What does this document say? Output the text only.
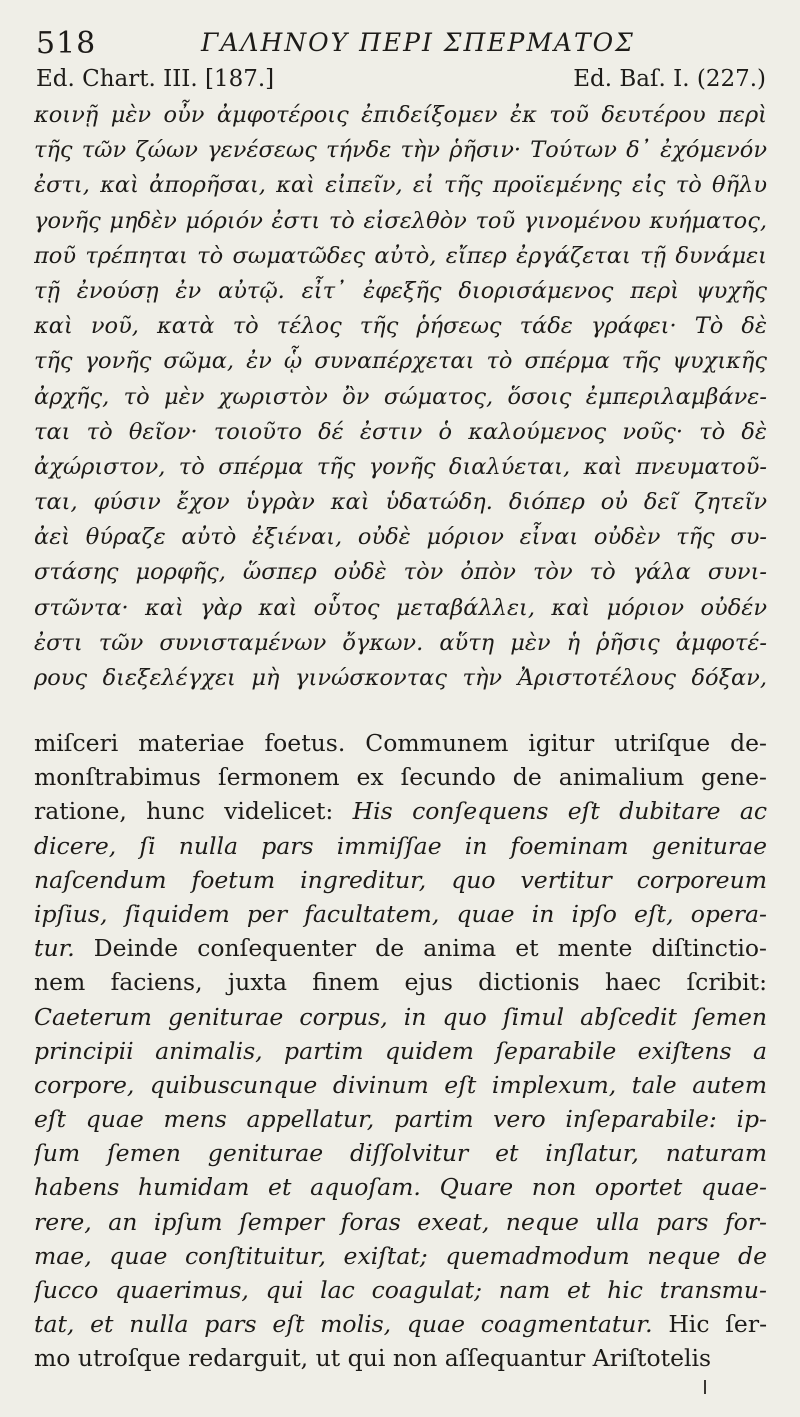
518	ΓΑΛΗΝΟΥ ΠΕΡΙ ΣΠΕΡΜΑΤΟΣ
Ed. Chart. III. [187.]	Ed. Baſ. I. (227.)
κοινῇ μὲν οὖν ἀμφοτέροις ἐπιδείξομεν ἐκ τοῦ δευτέρου περὶ
τῆς τῶν ζώων γενέσεως τήνδε τὴν ῥῆσιν· Τούτων δ᾽ ἐχόμενόν
ἐστι, καὶ ἀπορῆσαι, καὶ εἰπεῖν, εἰ τῆς προϊεμένης εἰς τὸ θῆλυ
γονῆς μηδὲν μόριόν ἐστι τὸ εἰσελθὸν τοῦ γινομένου κυήματος,
ποῦ τρέπηται τὸ σωματῶδες αὐτὸ, εἴπερ ἐργάζεται τῇ δυνάμει
τῇ ἐνούσῃ ἐν αὐτῷ. εἶτ᾽ ἐφεξῆς διορισάμενος περὶ ψυχῆς
καὶ νοῦ, κατὰ τὸ τέλος τῆς ῥήσεως τάδε γράφει· Τὸ δὲ
τῆς γονῆς σῶμα, ἐν ᾧ συναπέρχεται τὸ σπέρμα τῆς ψυχικῆς
ἀρχῆς, τὸ μὲν χωριστὸν ὂν σώματος, ὅσοις ἐμπεριλαμβάνε-
ται τὸ θεῖον· τοιοῦτο δέ ἐστιν ὁ καλούμενος νοῦς· τὸ δὲ
ἀχώριστον, τὸ σπέρμα τῆς γονῆς διαλύεται, καὶ πνευματοῦ-
ται, φύσιν ἔχον ὑγρὰν καὶ ὑδατώδη. διόπερ οὐ δεῖ ζητεῖν
ἀεὶ θύραζε αὐτὸ ἐξιέναι, οὐδὲ μόριον εἶναι οὐδὲν τῆς συ-
στάσης μορφῆς, ὥσπερ οὐδὲ τὸν ὀπὸν τὸν τὸ γάλα συνι-
στῶντα· καὶ γὰρ καὶ οὗτος μεταβάλλει, καὶ μόριον οὐδέν
ἐστι τῶν συνισταμένων ὄγκων. αὕτη μὲν ἡ ῥῆσις ἀμφοτέ-
ρους διεξελέγχει μὴ γινώσκοντας τὴν Ἀριστοτέλους δόξαν,
miſceri materiae foetus. Communem igitur utriſque de-
monſtrabimus ſermonem ex ſecundo de animalium gene-
ratione, hunc videlicet: His conſequens eſt dubitare ac
dicere, ſi nulla pars immiſſae in foeminam geniturae
naſcendum foetum ingreditur, quo vertitur corporeum
ipſius, ſiquidem per facultatem, quae in ipſo eſt, opera-
tur. Deinde conſequenter de anima et mente diſtinctio-
nem faciens, juxta finem ejus dictionis haec ſcribit:
Caeterum geniturae corpus, in quo ſimul abſcedit ſemen
principii animalis, partim quidem ſeparabile exiſtens a
corpore, quibuscunque divinum eſt implexum, tale autem
eſt quae mens appellatur, partim vero inſeparabile: ip-
ſum ſemen geniturae diſſolvitur et inſlatur, naturam
habens humidam et aquoſam. Quare non oportet quae-
rere, an ipſum ſemper foras exeat, neque ulla pars for-
mae, quae conſtituitur, exiſtat; quemadmodum neque de
ſucco quaerimus, qui lac coagulat; nam et hic transmu-
tat, et nulla pars eſt molis, quae coagmentatur. Hic ſer-
mo utroſque redarguit, ut qui non aſſequantur Ariſtotelis
